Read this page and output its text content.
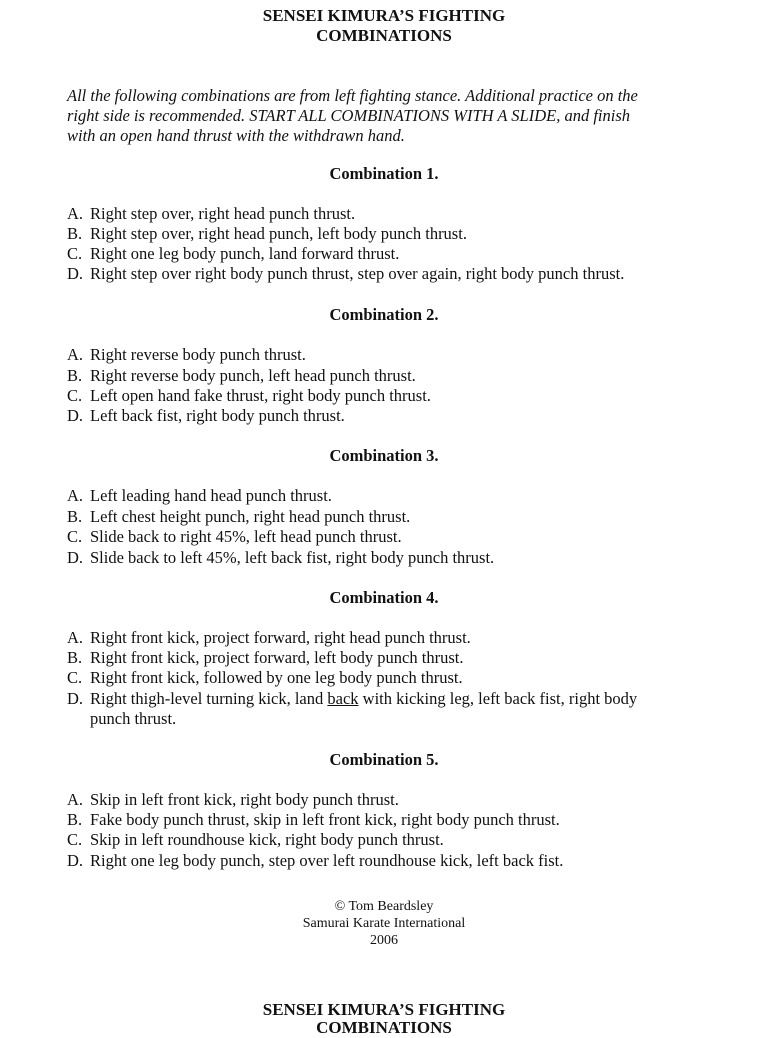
SENSEI KIMURA’S FIGHTING
COMBINATIONS
All the following combinations are from left fighting stance. Additional practice on the
right side is recommended. START ALL COMBINATIONS WITH A SLIDE, and finish
with an open hand thrust with the withdrawn hand.
Combination 1.
A. Right step over, right head punch thrust.
B. Right step over, right head punch, left body punch thrust.
C. Right one leg body punch, land forward thrust.
D. Right step over right body punch thrust, step over again, right body punch thrust.
Combination 2.
A. Right reverse body punch thrust.
B. Right reverse body punch, left head punch thrust.
C. Left open hand fake thrust, right body punch thrust.
D. Left back fist, right body punch thrust.
Combination 3.
A. Left leading hand head punch thrust.
B. Left chest height punch, right head punch thrust.
C. Slide back to right 45%, left head punch thrust.
D. Slide back to left 45%, left back fist, right body punch thrust.
Combination 4.
A. Right front kick, project forward, right head punch thrust.
B. Right front kick, project forward, left body punch thrust.
C. Right front kick, followed by one leg body punch thrust.
D. Right thigh-level turning kick, land back with kicking leg, left back fist, right body
punch thrust.
Combination 5.
A. Skip in left front kick, right body punch thrust.
B. Fake body punch thrust, skip in left front kick, right body punch thrust.
C. Skip in left roundhouse kick, right body punch thrust.
D. Right one leg body punch, step over left roundhouse kick, left back fist.
© Tom Beardsley
Samurai Karate International
2006
SENSEI KIMURA’S FIGHTING
COMBINATIONS
